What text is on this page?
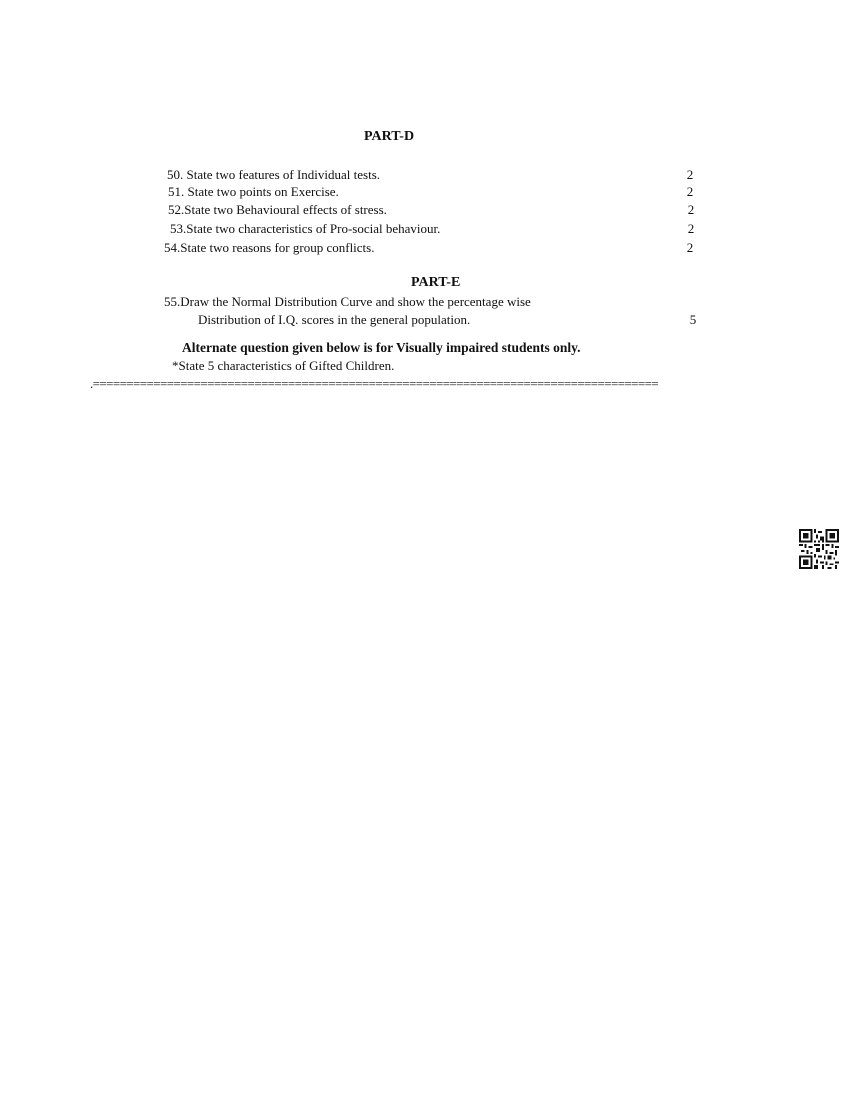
PART-D
50. State two features of Individual tests.	2
51. State two points on Exercise.	2
52.State two Behavioural effects of stress.	2
53.State two characteristics of Pro-social behaviour.	2
54.State two reasons for group conflicts.	2
PART-E
55.Draw the Normal Distribution Curve and show the percentage wise
Distribution of I.Q. scores in the general population.	5
Alternate question given below is for Visually impaired students only.
*State 5 characteristics of Gifted Children.
.====================================================================================
